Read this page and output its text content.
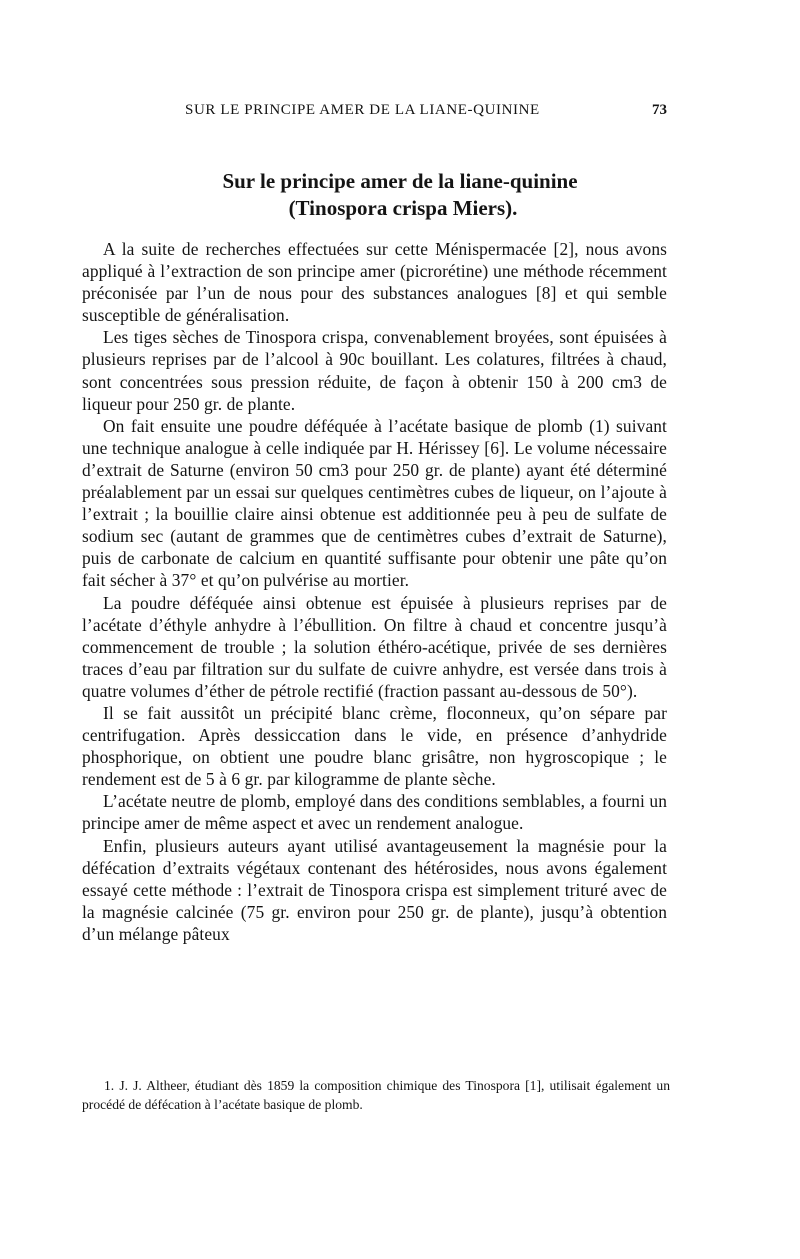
SUR LE PRINCIPE AMER DE LA LIANE-QUININE	73
Sur le principe amer de la liane-quinine
(Tinospora crispa Miers).

A la suite de recherches effectuées sur cette Ménispermacée [2], nous avons appliqué à l’extraction de son principe amer (picrorétine) une méthode récemment préconisée par l’un de nous pour des substances analogues [8] et qui semble susceptible de généralisation.

Les tiges sèches de Tinospora crispa, convenablement broyées, sont épuisées à plusieurs reprises par de l’alcool à 90c bouillant. Les colatures, filtrées à chaud, sont concentrées sous pression réduite, de façon à obtenir 150 à 200 cm3 de liqueur pour 250 gr. de plante.

On fait ensuite une poudre déféquée à l’acétate basique de plomb (1) suivant une technique analogue à celle indiquée par H. Hérissey [6]. Le volume nécessaire d’extrait de Saturne (environ 50 cm3 pour 250 gr. de plante) ayant été déterminé préalablement par un essai sur quelques centimètres cubes de liqueur, on l’ajoute à l’extrait ; la bouillie claire ainsi obtenue est additionnée peu à peu de sulfate de sodium sec (autant de grammes que de centimètres cubes d’extrait de Saturne), puis de carbonate de calcium en quantité suffisante pour obtenir une pâte qu’on fait sécher à 37° et qu’on pulvérise au mortier.

La poudre déféquée ainsi obtenue est épuisée à plusieurs reprises par de l’acétate d’éthyle anhydre à l’ébullition. On filtre à chaud et concentre jusqu’à commencement de trouble ; la solution éthéro-acétique, privée de ses dernières traces d’eau par filtration sur du sulfate de cuivre anhydre, est versée dans trois à quatre volumes d’éther de pétrole rectifié (fraction passant au-dessous de 50°).

Il se fait aussitôt un précipité blanc crème, floconneux, qu’on sépare par centrifugation. Après dessiccation dans le vide, en présence d’anhydride phosphorique, on obtient une poudre blanc grisâtre, non hygroscopique ; le rendement est de 5 à 6 gr. par kilogramme de plante sèche.

L’acétate neutre de plomb, employé dans des conditions semblables, a fourni un principe amer de même aspect et avec un rendement analogue.

Enfin, plusieurs auteurs ayant utilisé avantageusement la magnésie pour la défécation d’extraits végétaux contenant des hétérosides, nous avons également essayé cette méthode : l’extrait de Tinospora crispa est simplement trituré avec de la magnésie calcinée (75 gr. environ pour 250 gr. de plante), jusqu’à obtention d’un mélange pâteux

1. J. J. Altheer, étudiant dès 1859 la composition chimique des Tinospora [1], utilisait également un procédé de défécation à l’acétate basique de plomb.
